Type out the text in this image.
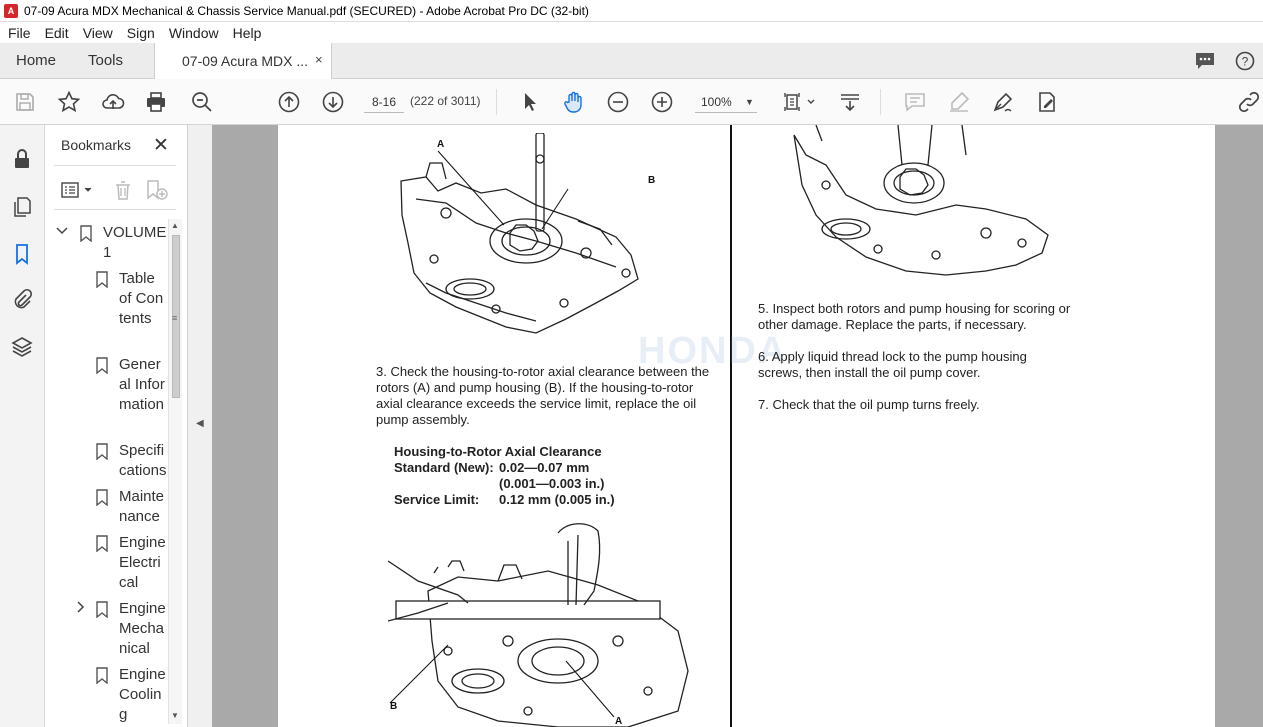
A 07-09 Acura MDX Mechanical & Chassis Service Manual.pdf (SECURED) - Adobe Acrobat Pro DC (32-bit)
File	Edit	View	Sign	Window	Help
Home Tools	07-09 Acura MDX ... ×	?
8-16	(222 of 3011)	100% ▼
Bookmarks ✕
VOLUME 1
Table of Contents
General Information
Specifications
Maintenance
Engine Electrical
Engine Mechanical
Engine Cooling
▲
▼
≡
◀
A
B
3. Check the housing-to-rotor axial clearance between the rotors (A) and pump housing (B). If the housing-to-rotor axial clearance exceeds the service limit, replace the oil pump assembly.
Housing-to-Rotor Axial Clearance
Standard (New): 0.02—0.07 mm
(0.001—0.003 in.)
Service Limit: 0.12 mm (0.005 in.)
B
A
HONDA
5. Inspect both rotors and pump housing for scoring or other damage. Replace the parts, if necessary.
6. Apply liquid thread lock to the pump housing screws, then install the oil pump cover.
7. Check that the oil pump turns freely.
